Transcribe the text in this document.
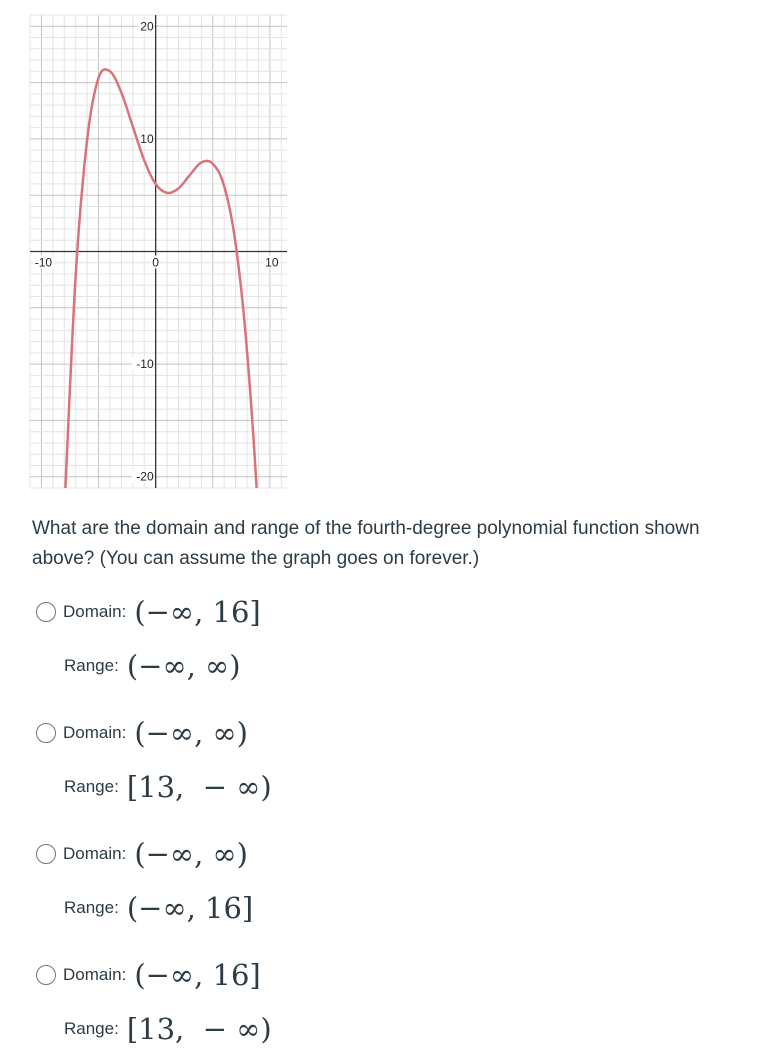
-10	0	10
20
10
-10
-20

What are the domain and range of the fourth-degree polynomial function shown above? (You can assume the graph goes on forever.)

Domain: (−∞, 16]
Range: (−∞, ∞)
Domain: (−∞, ∞)
Range: [13,  − ∞)
Domain: (−∞, ∞)
Range: (−∞, 16]
Domain: (−∞, 16]
Range: [13,  − ∞)
